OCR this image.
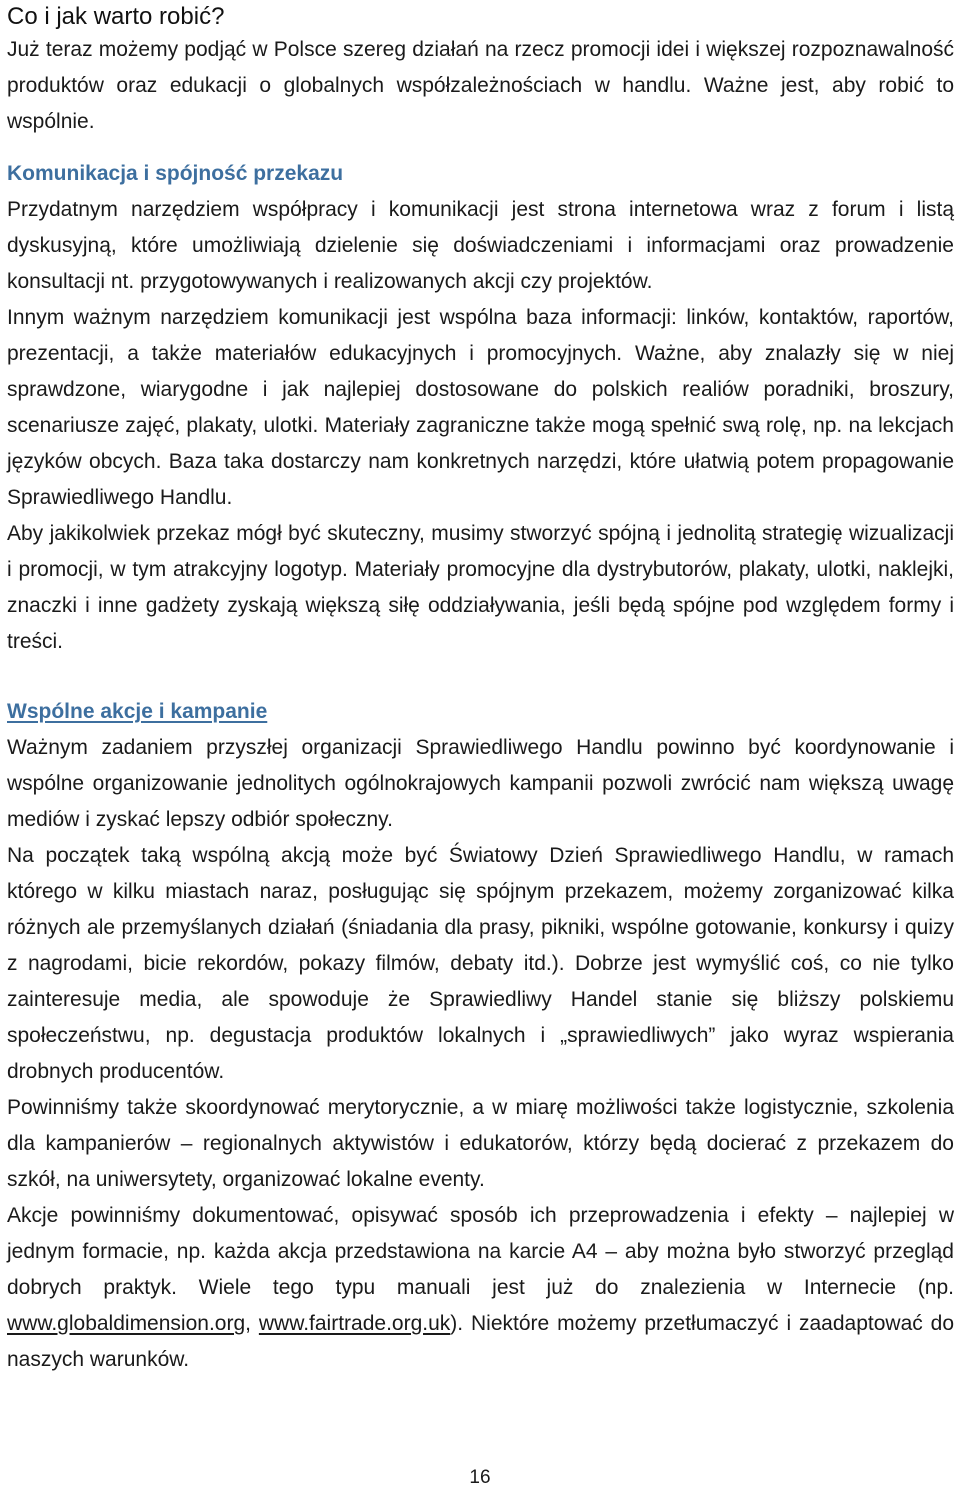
Co i jak warto robić?

Już teraz możemy podjąć w Polsce szereg działań na rzecz promocji idei i większej rozpoznawalność produktów oraz edukacji o globalnych współzależnościach w handlu. Ważne jest, aby robić to wspólnie.

Komunikacja i spójność przekazu

Przydatnym narzędziem współpracy i komunikacji jest strona internetowa wraz z forum i listą dyskusyjną, które umożliwiają dzielenie się doświadczeniami i informacjami oraz prowadzenie konsultacji nt. przygotowywanych i realizowanych akcji czy projektów.

Innym ważnym narzędziem komunikacji jest wspólna baza informacji: linków, kontaktów, raportów, prezentacji, a także materiałów edukacyjnych i promocyjnych. Ważne, aby znalazły się w niej sprawdzone, wiarygodne i jak najlepiej dostosowane do polskich realiów poradniki, broszury, scenariusze zajęć, plakaty, ulotki. Materiały zagraniczne także mogą spełnić swą rolę, np. na lekcjach języków obcych. Baza taka dostarczy nam konkretnych narzędzi, które ułatwią potem propagowanie Sprawiedliwego Handlu.

Aby jakikolwiek przekaz mógł być skuteczny, musimy stworzyć spójną i jednolitą strategię wizualizacji i promocji, w tym atrakcyjny logotyp. Materiały promocyjne dla dystrybutorów, plakaty, ulotki, naklejki, znaczki i inne gadżety zyskają większą siłę oddziaływania, jeśli będą spójne pod względem formy i treści.

Wspólne akcje i kampanie

Ważnym zadaniem przyszłej organizacji Sprawiedliwego Handlu powinno być koordynowanie i wspólne organizowanie jednolitych ogólnokrajowych kampanii pozwoli zwrócić nam większą uwagę mediów i zyskać lepszy odbiór społeczny.

Na początek taką wspólną akcją może być Światowy Dzień Sprawiedliwego Handlu, w ramach którego w kilku miastach naraz, posługując się spójnym przekazem, możemy zorganizować kilka różnych ale przemyślanych działań (śniadania dla prasy, pikniki, wspólne gotowanie, konkursy i quizy z nagrodami, bicie rekordów, pokazy filmów, debaty itd.). Dobrze jest wymyślić coś, co nie tylko zainteresuje media, ale spowoduje że Sprawiedliwy Handel stanie się bliższy polskiemu społeczeństwu, np. degustacja produktów lokalnych i „sprawiedliwych” jako wyraz wspierania drobnych producentów.

Powinniśmy także skoordynować merytorycznie, a w miarę możliwości także logistycznie, szkolenia dla kampanierów – regionalnych aktywistów i edukatorów, którzy będą docierać z przekazem do szkół, na uniwersytety, organizować lokalne eventy.

Akcje powinniśmy dokumentować, opisywać sposób ich przeprowadzenia i efekty – najlepiej w jednym formacie, np. każda akcja przedstawiona na karcie A4 – aby można było stworzyć przegląd dobrych praktyk. Wiele tego typu manuali jest już do znalezienia w Internecie (np. www.globaldimension.org, www.fairtrade.org.uk). Niektóre możemy przetłumaczyć i zaadaptować do naszych warunków.

16
